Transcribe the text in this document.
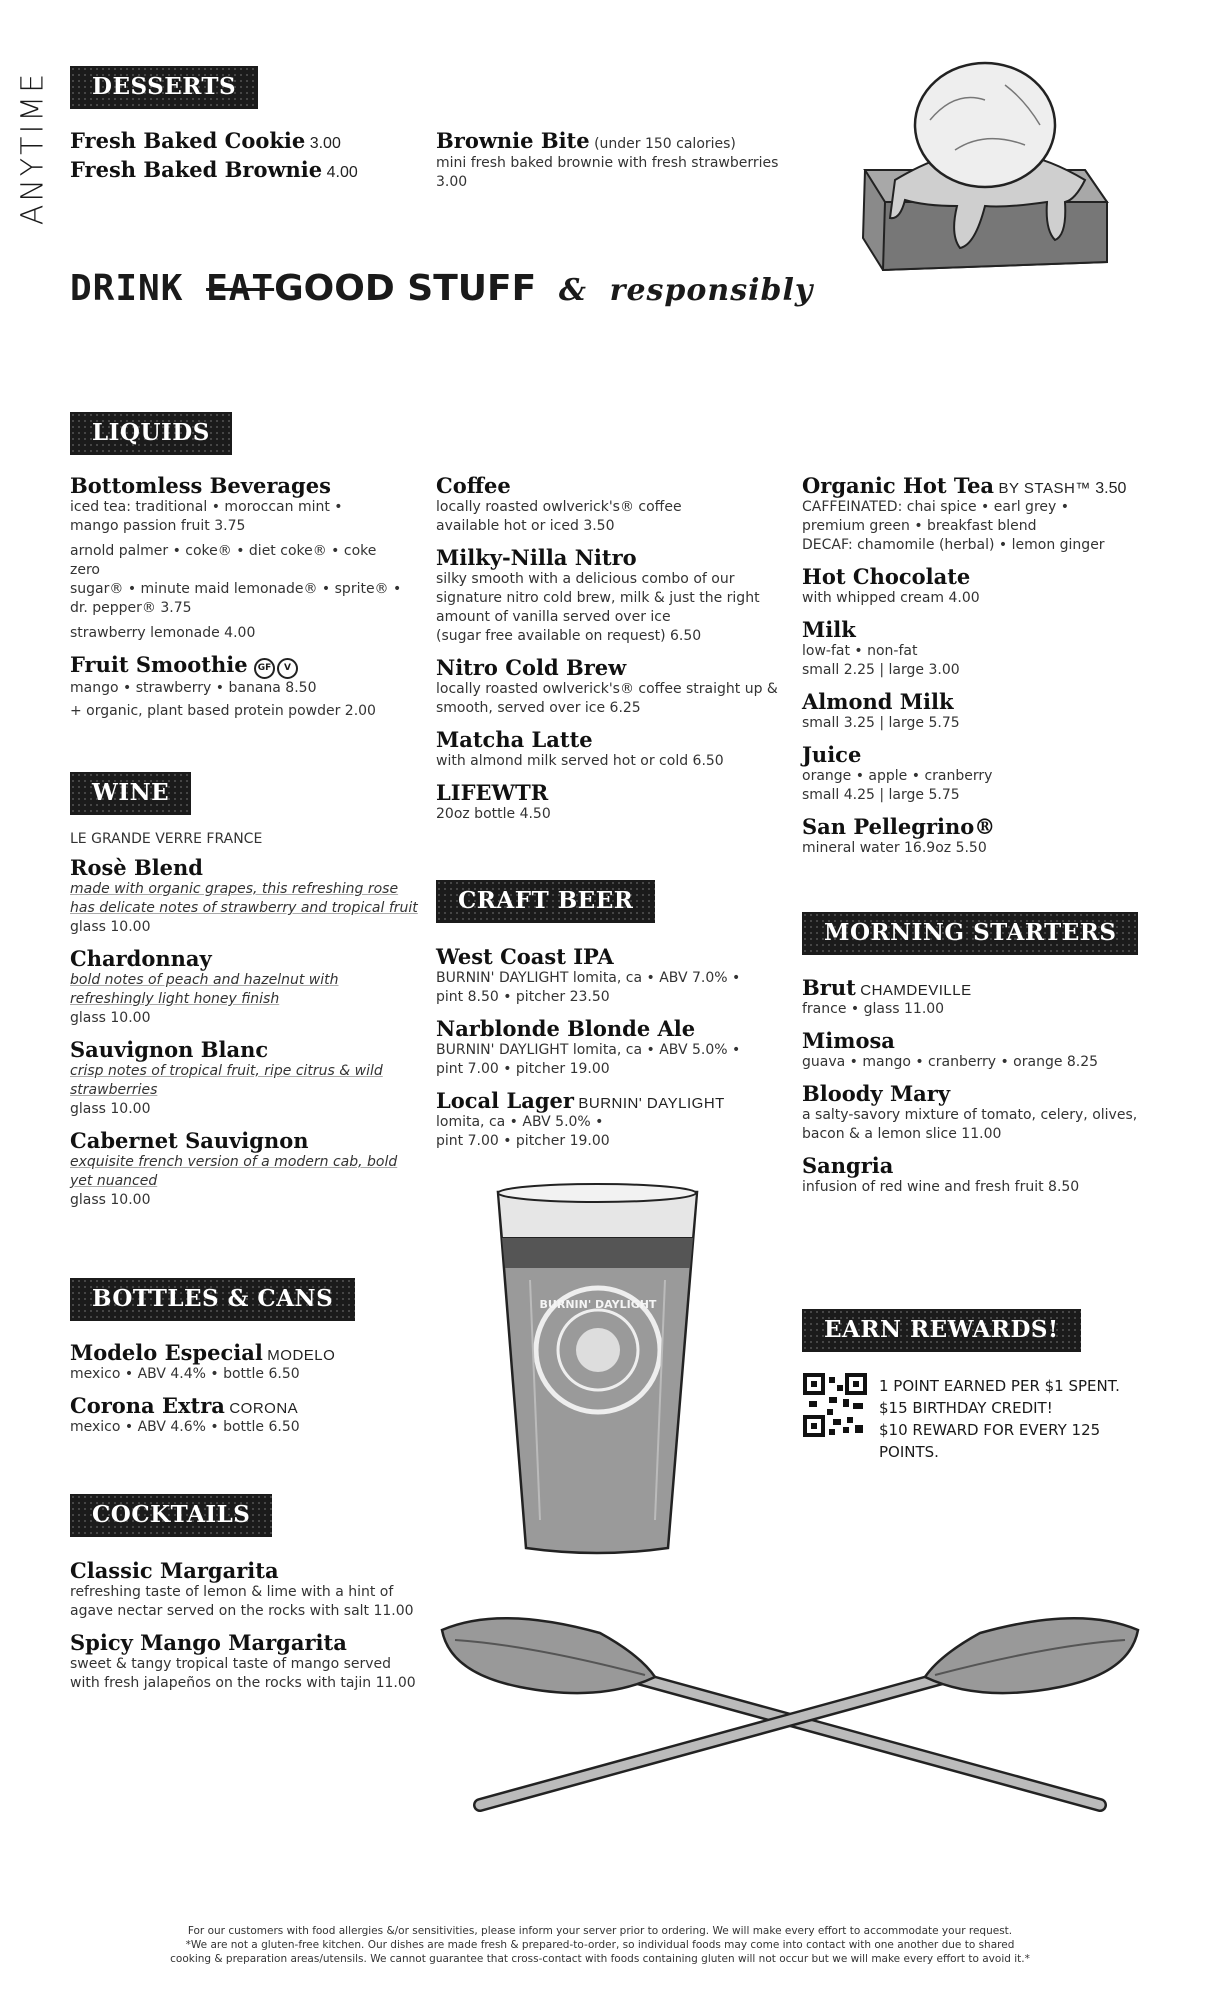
ANYTIME	DESSERTS
Fresh Baked Cookie 3.00
Fresh Baked Brownie 4.00
Brownie Bite (under 150 calories)
mini fresh baked brownie with fresh strawberries
3.00
DRINK EATGOOD STUFF & responsibly
LIQUIDS
Bottomless Beverages
iced tea: traditional • moroccan mint •
mango passion fruit 3.75
arnold palmer • coke® • diet coke® • coke zero
sugar® • minute maid lemonade® • sprite® •
dr. pepper® 3.75
strawberry lemonade 4.00
Fruit Smoothie GF V
mango • strawberry • banana 8.50
+ organic, plant based protein powder 2.00
Coffee
locally roasted owlverick's® coffee
available hot or iced 3.50
Milky-Nilla Nitro
silky smooth with a delicious combo of our
signature nitro cold brew, milk & just the right
amount of vanilla served over ice
(sugar free available on request) 6.50
Nitro Cold Brew
locally roasted owlverick's® coffee straight up &
smooth, served over ice 6.25
Matcha Latte
with almond milk served hot or cold 6.50
LIFEWTR
20oz bottle 4.50
Organic Hot Tea BY STASH™ 3.50
CAFFEINATED: chai spice • earl grey •
premium green • breakfast blend
DECAF: chamomile (herbal) • lemon ginger
Hot Chocolate
with whipped cream 4.00
Milk
low-fat • non-fat
small 2.25 | large 3.00
Almond Milk
small 3.25 | large 5.75
Juice
orange • apple • cranberry
small 4.25 | large 5.75
San Pellegrino®
mineral water 16.9oz 5.50
WINE
LE GRANDE VERRE FRANCE
Rosè Blend
made with organic grapes, this refreshing rose
has delicate notes of strawberry and tropical fruit
glass 10.00
Chardonnay
bold notes of peach and hazelnut with
refreshingly light honey finish
glass 10.00
Sauvignon Blanc
crisp notes of tropical fruit, ripe citrus & wild
strawberries
glass 10.00
Cabernet Sauvignon
exquisite french version of a modern cab, bold
yet nuanced
glass 10.00
CRAFT BEER
West Coast IPA
BURNIN' DAYLIGHT lomita, ca • ABV 7.0% •
pint 8.50 • pitcher 23.50
Narblonde Blonde Ale
BURNIN' DAYLIGHT lomita, ca • ABV 5.0% •
pint 7.00 • pitcher 19.00
Local Lager BURNIN' DAYLIGHT
lomita, ca • ABV 5.0% •
pint 7.00 • pitcher 19.00
BURNIN' DAYLIGHT
MORNING STARTERS
Brut CHAMDEVILLE
france • glass 11.00
Mimosa
guava • mango • cranberry • orange 8.25
Bloody Mary
a salty-savory mixture of tomato, celery, olives,
bacon & a lemon slice 11.00
Sangria
infusion of red wine and fresh fruit 8.50
BOTTLES & CANS
Modelo Especial MODELO
mexico • ABV 4.4% • bottle 6.50
Corona Extra CORONA
mexico • ABV 4.6% • bottle 6.50
EARN REWARDS!
1 POINT EARNED PER $1 SPENT.
$15 BIRTHDAY CREDIT!
$10 REWARD FOR EVERY 125 POINTS.
COCKTAILS
Classic Margarita
refreshing taste of lemon & lime with a hint of
agave nectar served on the rocks with salt 11.00
Spicy Mango Margarita
sweet & tangy tropical taste of mango served
with fresh jalapeños on the rocks with tajin 11.00
For our customers with food allergies &/or sensitivities, please inform your server prior to ordering. We will make every effort to accommodate your request.
*We are not a gluten-free kitchen. Our dishes are made fresh & prepared-to-order, so individual foods may come into contact with one another due to shared
cooking & preparation areas/utensils. We cannot guarantee that cross-contact with foods containing gluten will not occur but we will make every effort to avoid it.*
